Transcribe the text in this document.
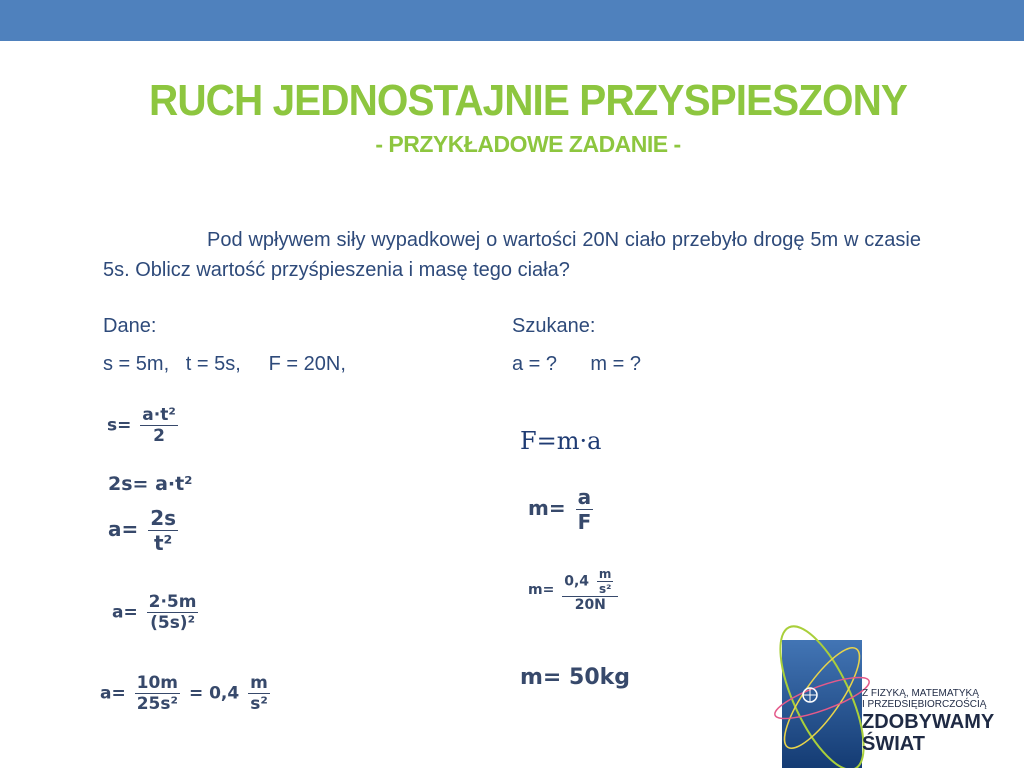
RUCH JEDNOSTAJNIE PRZYSPIESZONY
- PRZYKŁADOWE ZADANIE -
Pod wpływem siły wypadkowej o wartości 20N ciało przebyło drogę 5m w czasie 5s. Oblicz wartość przyśpieszenia i masę tego ciała?
Dane:
s = 5m,   t = 5s,     F = 20N,
Szukane:
a = ?      m = ?
$s= \frac{\text{a·t²}}{2}$
2s= a·t²
$a= \frac{2s}{\text{t²}}$
$a= \frac{2\cdot 5m}{\text{(5s)²}}$
$a= \frac{10m}{\text{25s²}} = 0,4 \frac{m}{\text{s²}}$
F=m·a
$m= \frac{a}{F}$
$m= \frac{0,4 \frac{m}{\text{s²}}}{20N}$
m= 50kg
Z FIZYKĄ, MATEMATYKĄ
I PRZEDSIĘBIORCZOŚCIĄ
ZDOBYWAMY
ŚWIAT
